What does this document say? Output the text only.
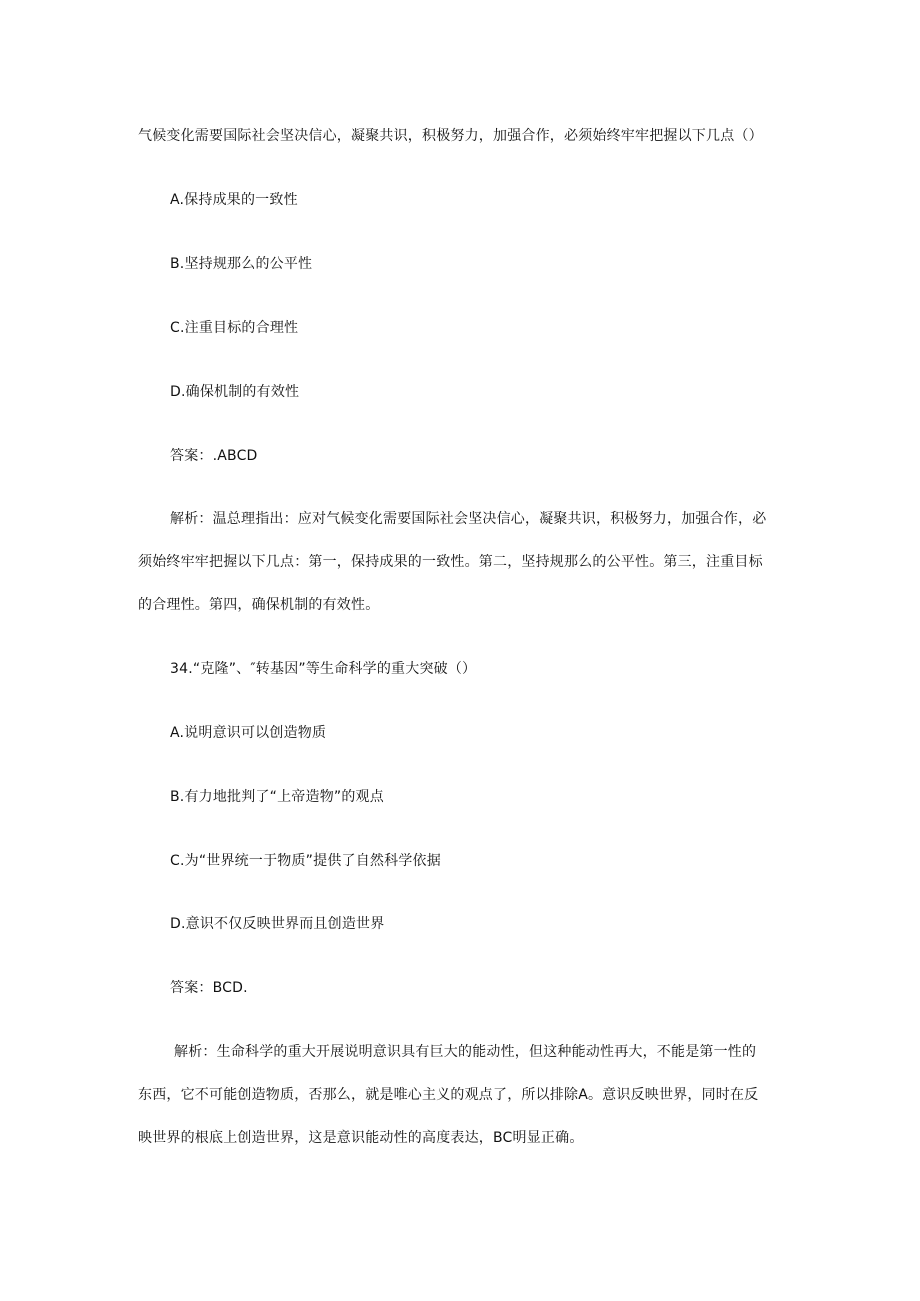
气候变化需要国际社会坚决信心，凝聚共识，积极努力，加强合作，必须始终牢牢把握以下几点（）
A.保持成果的一致性
B.坚持规那么的公平性
C.注重目标的合理性
D.确保机制的有效性
答案：.ABCD
解析：温总理指出：应对气候变化需要国际社会坚决信心，凝聚共识，积极努力，加强合作，必
须始终牢牢把握以下几点：第一，保持成果的一致性。第二，坚持规那么的公平性。第三，注重目标
的合理性。第四，确保机制的有效性。
34.“克隆”、″转基因”等生命科学的重大突破（）
A.说明意识可以创造物质
B.有力地批判了“上帝造物”的观点
C.为“世界统一于物质”提供了自然科学依据
D.意识不仅反映世界而且创造世界
答案：BCD.
解析：生命科学的重大开展说明意识具有巨大的能动性，但这种能动性再大，不能是第一性的
东西，它不可能创造物质，否那么，就是唯心主义的观点了，所以排除A。意识反映世界，同时在反
映世界的根底上创造世界，这是意识能动性的高度表达，BC明显正确。
